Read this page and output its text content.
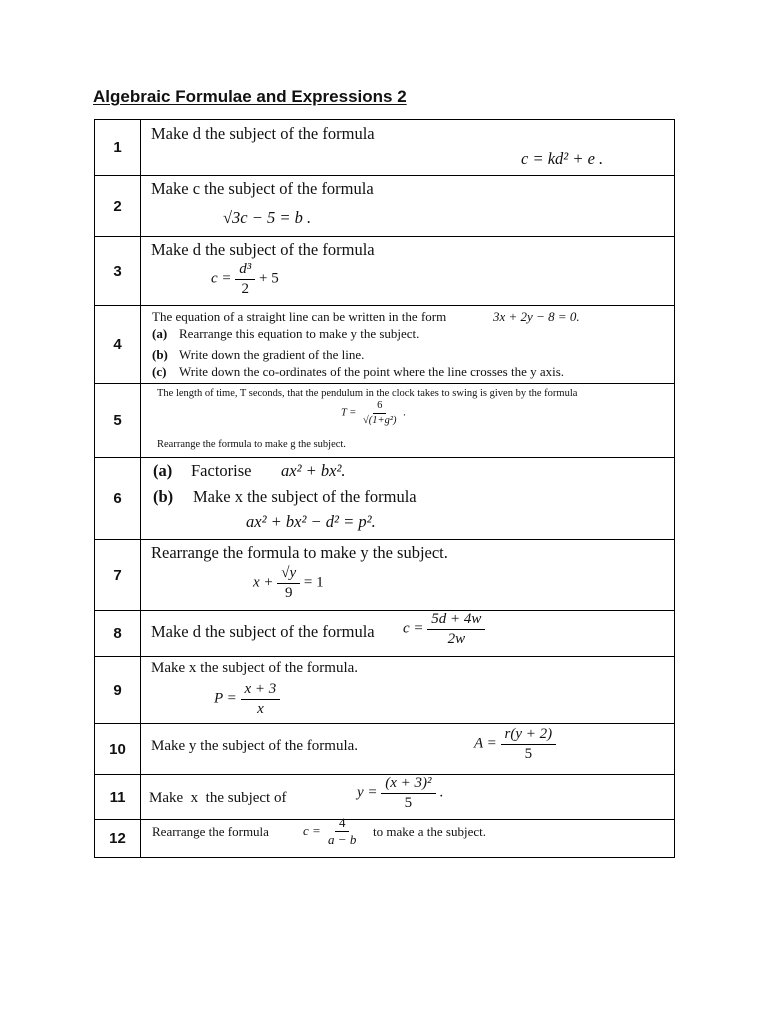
Algebraic Formulae and Expressions 2
1
Make d the subject of the formula
c = kd² + e .
2
Make c the subject of the formula
√3c − 5 = b .
3
Make d the subject of the formula
$c = \frac{\text{d³}}{2} + 5$
4
The equation of a straight line can be written in the form	3x + 2y − 8 = 0.
(a) Rearrange this equation to make y the subject.
(b) Write down the gradient of the line.
(c) Write down the co-ordinates of the point where the line crosses the y axis.
5
The length of time, T seconds, that the pendulum in the clock takes to swing is given by the formula
$T = \frac{6}{\text{√(1+g²)}}$ .
Rearrange the formula to make g the subject.
6
(a) Factorise ax² + bx².
(b) Make x the subject of the formula
ax² + bx² − d² = p².
7
Rearrange the formula to make y the subject.
$x + \frac{√y}{9} = 1$
8	Make d the subject of the formula $c = \frac{5d + 4w}{2w}$
9
Make x the subject of the formula.
$P = \frac{x + 3}{x}$
10	Make y the subject of the formula.	$A = \frac{r(y + 2)}{5}$
11	Make  x  the subject of	$y = \frac{\text{(x + 3)²}}{5}$ .
12	Rearrange the formula	$c = \frac{4}{a - b}$ to make a the subject.
